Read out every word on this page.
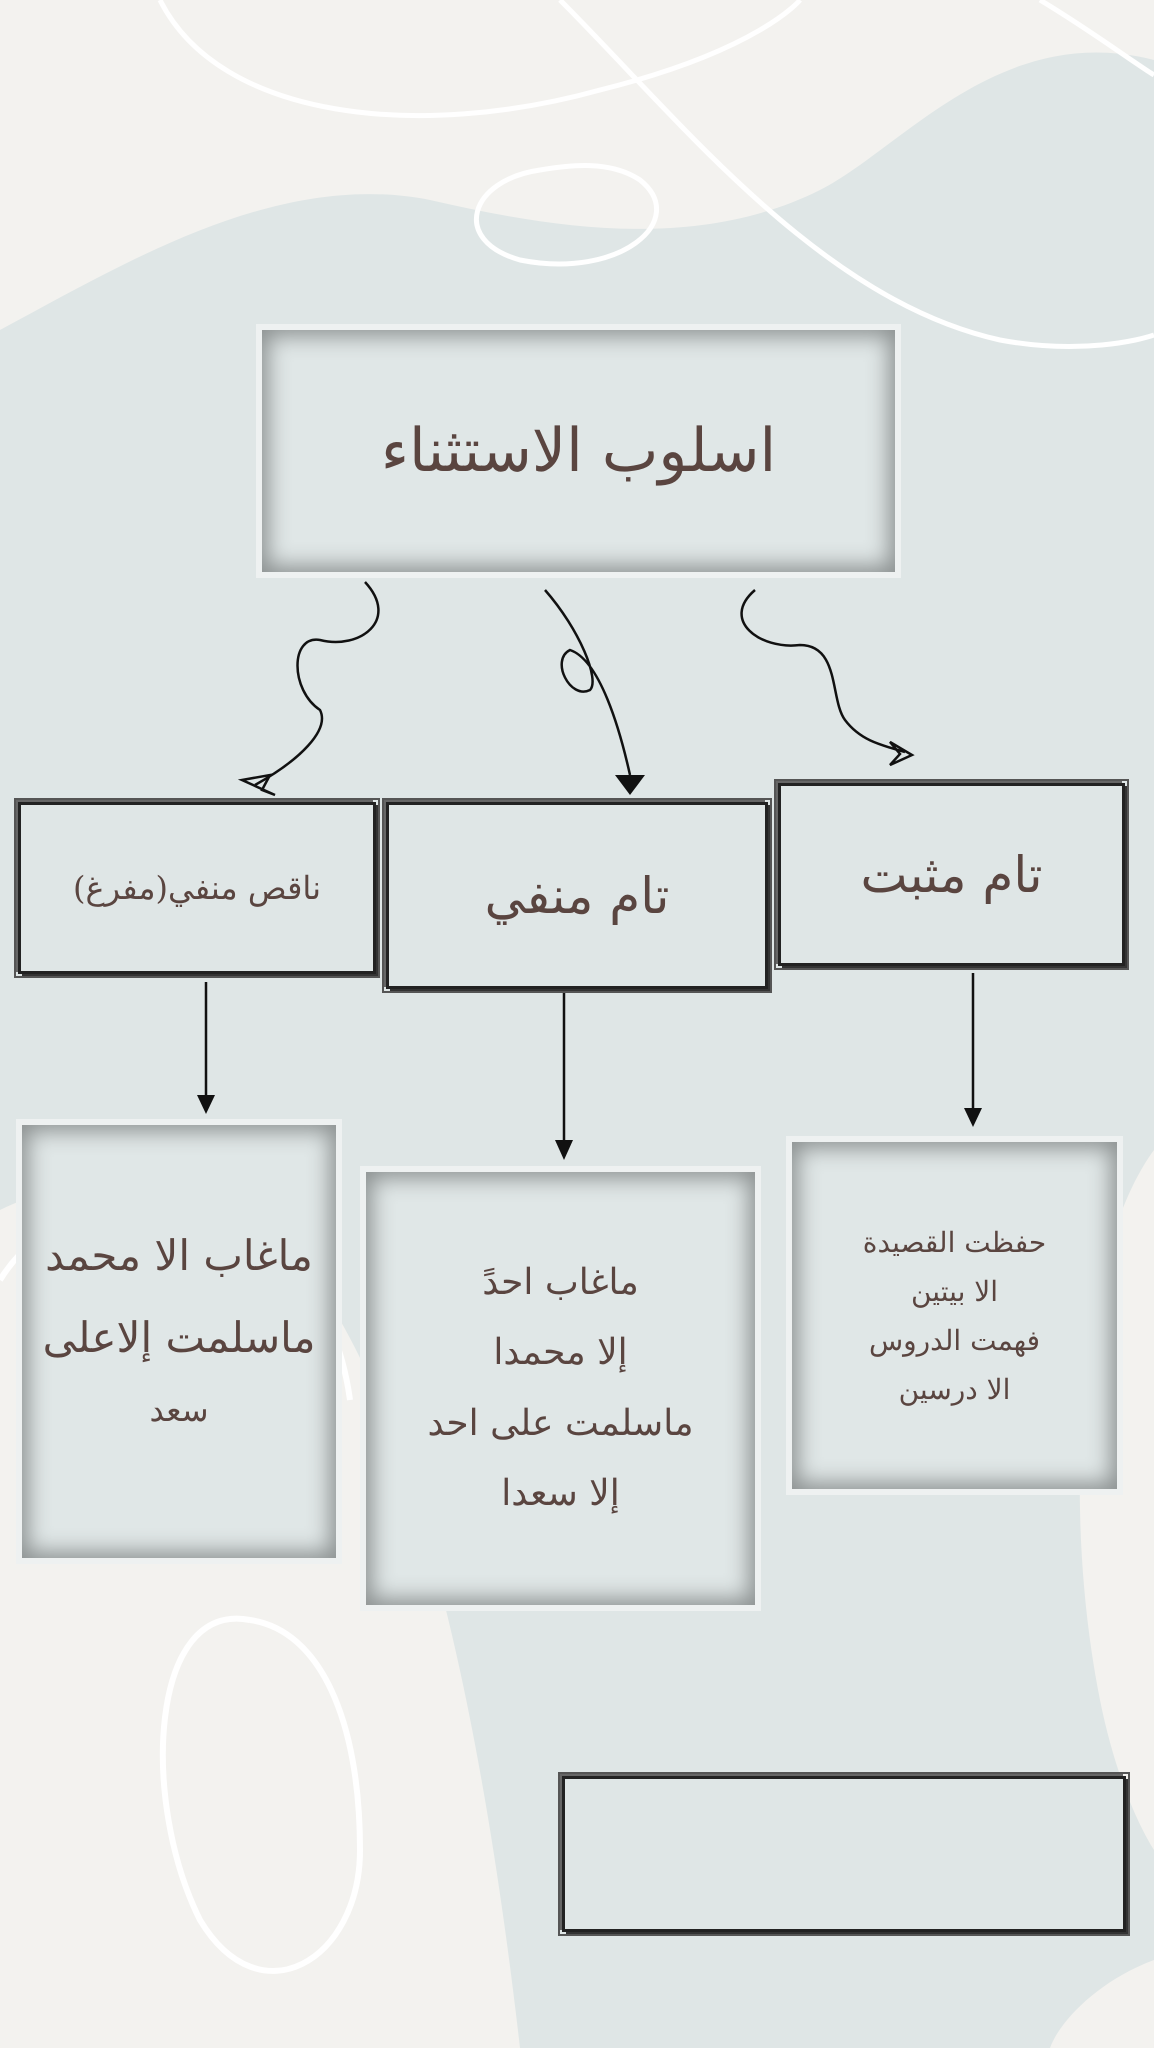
اسلوب الاستثناء
تام مثبت
تام منفي
ناقص منفي(مفرغ)
حفظت القصيدة
الا بيتين
فهمت الدروس
الا درسين
ماغاب احدً
إلا محمدا
ماسلمت على احد
إلا سعدا
ماغاب الا محمد
ماسلمت إلاعلى
سعد
